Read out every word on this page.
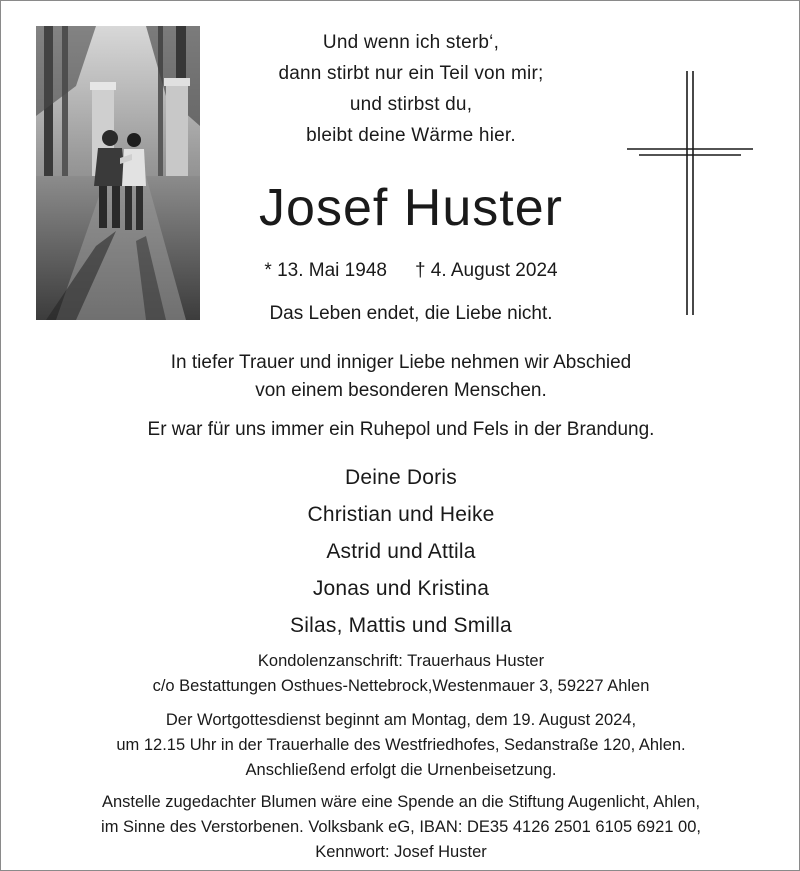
Und wenn ich sterb‘,
dann stirbt nur ein Teil von mir;
und stirbst du,
bleibt deine Wärme hier.
Josef Huster
* 13. Mai 1948 † 4. August 2024
Das Leben endet, die Liebe nicht.
In tiefer Trauer und inniger Liebe nehmen wir Abschied
von einem besonderen Menschen.
Er war für uns immer ein Ruhepol und Fels in der Brandung.
Deine Doris
Christian und Heike
Astrid und Attila
Jonas und Kristina
Silas, Mattis und Smilla
Kondolenzanschrift: Trauerhaus Huster
c/o Bestattungen Osthues-Nettebrock,Westenmauer 3, 59227 Ahlen
Der Wortgottesdienst beginnt am Montag, dem 19. August 2024,
um 12.15 Uhr in der Trauerhalle des Westfriedhofes, Sedanstraße 120, Ahlen.
Anschließend erfolgt die Urnenbeisetzung.
Anstelle zugedachter Blumen wäre eine Spende an die Stiftung Augenlicht, Ahlen,
im Sinne des Verstorbenen. Volksbank eG, IBAN: DE35 4126 2501 6105 6921 00,
Kennwort: Josef Huster
